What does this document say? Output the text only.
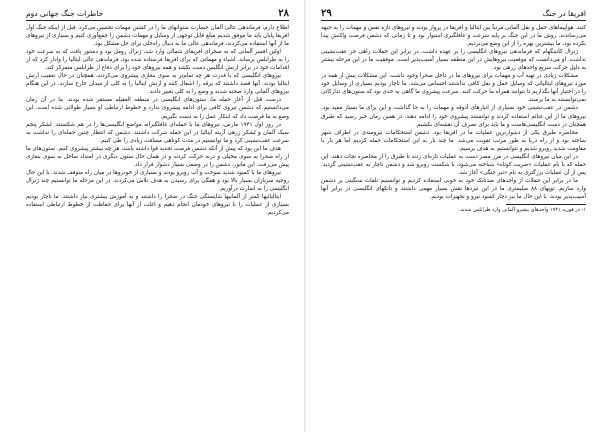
۲۸
خاطرات جنگ جهانی دوم

اطلاع دارم، فرماندهی عالی آلمان جسارت ستوانهای ما را در کشتن مهمات تحسین می‌کرد. قبل از اینکه جنگ اول افریقا پایان یابد ما موفق شدیم مبلغ قابل توجهی از وسایل و مهمات دشمن را جمع‌آوری کنیم و بسیاری از نیروهای ما از آنها استفاده می‌کردند، فرماندهی عالی ما به دنبال راه‌حلی برای حل مشکل بود.

اولین افسر آلمانی که به صحرای افریقای شمالی وارد شد، ژنرال رومل بود و دستور یافت که به سرعت خود را به طرابلس برساند. اشیاء و مهماتی که برای افریقا فرستاده شده بود، فرماندهی عالی ایتالیا را وادار کرد که از اقدامات خود در برابر ارتش انگلیس دست بکشد و همه نیروهای خود را برای دفاع از طرابلس متمرکز کند.

نیروهای انگلیسی که با قدرت هر چه تمام‌تر به سوی بنغازی پیشروی می‌کردند، همچنان در حال تعقیب ارتش ایتالیا بودند. آنها قصد داشتند که برقه را اشغال کنند و ارتش ایتالیا را به کلی از میدان خارج سازند. در این هنگام نیروهای آلمانی وارد صحنه شدند و وضع را به کلی تغییر دادند.

درست قبل از آغاز حمله ما، ستون‌های انگلیسی در منطقه العقیله مستقر شده بودند. ما در آن زمان می‌دانستیم که دشمن نیروی کافی برای ادامه پیشروی ندارد و خطوط ارتباطی او بسیار طولانی شده است. این وضع به ما فرصت داد که ابتکار عمل را به دست بگیریم.

در روز اول ۱۹۴۱ مارس، نیروهای ما با حمله‌ای غافلگیرانه مواضع انگلیسی‌ها را در هم شکستند. لشکر پنجم سبک آلمان و لشکر زرهی آریته ایتالیا در این حمله شرکت داشتند. دشمن که انتظار چنین حمله‌ای را نداشت به سرعت عقب‌نشینی کرد و ما توانستیم در مدت کوتاهی مسافت زیادی را طی کنیم.

هدف ما این بود که پیش از آنکه دشمن فرصت تجدید قوا داشته باشد، هر چه بیشتر پیشروی کنیم. ستون‌های ما از راه صحرا به سوی مخیلی و درنه حرکت کردند و در همان حال ستون دیگری در امتداد ساحل به سوی بنغازی پیش می‌رفت. این مانور، دشمن را در وضعی بسیار دشوار قرار داد.

نیروهای ما با کمبود شدید سوخت و آب روبرو بودند و بسیاری از خودروها در میان راه متوقف شدند. با این حال روحیه سربازان بسیار بالا بود و همگی برای رسیدن به هدف تلاش می‌کردند. در این مرحله ما توانستیم چند ژنرال انگلیسی را به اسارت درآوریم.

ایتالیائیها کمتر از آلمانیها شایستگی جنگ در صحرا را داشتند و به آموزش بیشتری نیاز داشتند. ما ناچار بودیم بسیاری از عملیات را با نیروهای خودمان انجام دهیم و اغلب از آنها برای حفاظت از خطوط ارتباطی استفاده می‌کردیم.

افریقا در جنگ
۲۹

کنند. هواپیماهای حمل و نقل آلمانی مرتباً بین ایتالیا و افریقا در پرواز بودند و نیروهای تازه نفس و مهمات را به جبهه می‌رساندند. روش ما در این جنگ بر پایه سرعت و غافلگیری استوار بود و تا زمانی که دشمن فرصت واکنش پیدا نکرده بود، ما بیشترین بهره را از این وضع می‌بردیم.

ژنرال کانینگهام که فرماندهی نیروهای انگلیسی را بر عهده داشت، در برابر این حملات راهی جز عقب‌نشینی نداشت. او می‌دانست که موقعیت نیروهایش در این منطقه بسیار آسیب‌پذیر است. موفقیت ما در این مرحله بیشتر به دلیل حرکت سریع واحدهای زرهی بود.

مشکلات زیادی در تهیه آب و مهمات برای نیروهای ما در داخل صحرا وجود داشت. این مشکلات بیش از همه در مورد نیروهای ایتالیائی که وسایل حمل و نقل کافی نداشتند احساس می‌شد. ما ناچار بودیم بسیاری از وسایل خود را در اختیار آنها بگذاریم تا بتوانند همراه ما حرکت کنند. سرعت پیشروی ما گاهی به حدی بود که ستون‌های تدارکاتی نمی‌توانستند به ما برسند.

دشمن در عقب‌نشینی خود بسیاری از انبارهای آذوقه و مهمات را به جا گذاشت و این برای ما بسیار مفید بود. نیروهای ما از این غنائم استفاده کردند و توانستند پیشروی خود را ادامه دهند. در همین زمان خبر رسید که طبرق همچنان در دست انگلیسی‌هاست و ما باید برای تصرف آن نقشه‌ای بکشیم.

محاصره طبرق یکی از دشوارترین عملیات ما در افریقا بود. دشمن استحکامات نیرومندی در اطراف شهر ساخته بود و از راه دریا به طور مرتب تقویت می‌شد. ما چند بار به این استحکامات حمله کردیم اما هر بار با مقاومت شدید روبرو شدیم و نتوانستیم به هدف برسیم.

در این میان نیروهای انگلیسی در مرز مصر دست به عملیات تازه‌ای زدند تا طبرق را از محاصره نجات دهند. این حمله که با نام عملیات «ضربت کوتاه» شناخته می‌شود، با شکست روبرو شد و دشمن ناچار به عقب‌نشینی گردید. پس از آن عملیات بزرگتری به نام «تبر جنگی» آغاز شد.

ما در برابر این حملات از واحدهای ضدتانک خود به خوبی استفاده کردیم و توانستیم تلفات سنگینی بر دشمن وارد سازیم. توپهای ۸۸ میلیمتری ما در این نبردها نقش بسیار مهمی داشتند و تانکهای انگلیسی در برابر آنها آسیب‌پذیر بودند. با این حال ما نیز دچار کمبود نیرو و تجهیزات بودیم.

۱- در فوریه ۱۹۴۱ واحدهای پیشرو آلمانی وارد طرابلس شدند.
